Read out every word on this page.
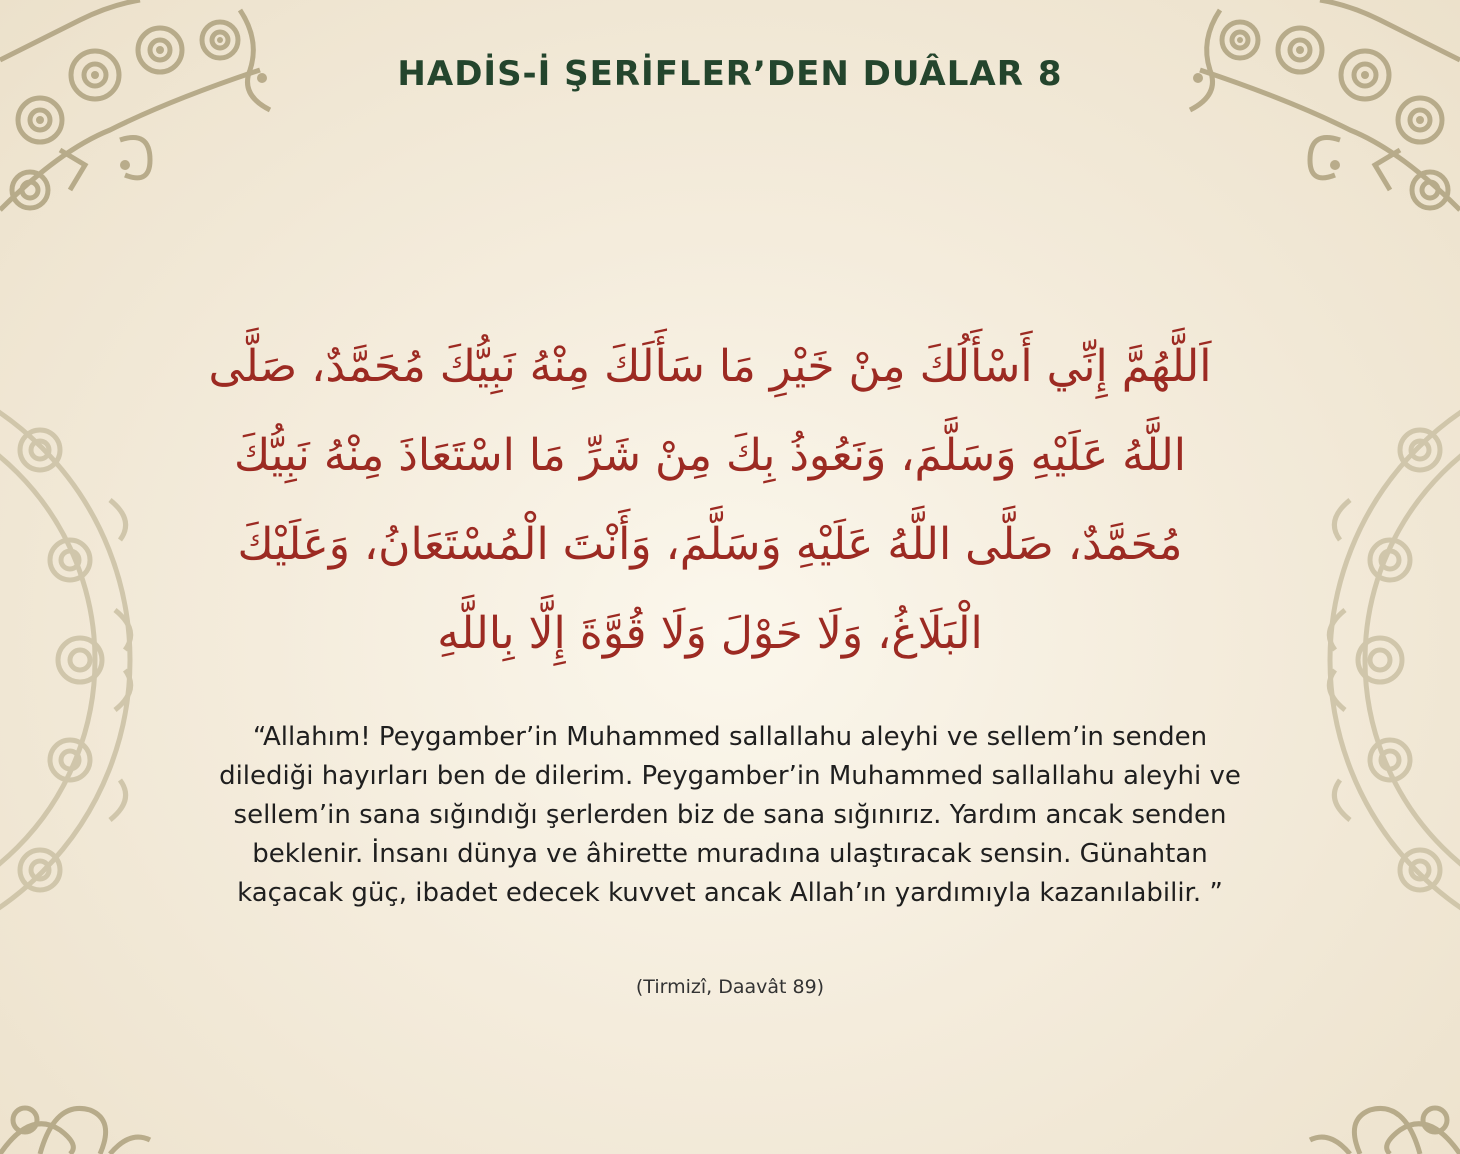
HADİS-İ ŞERİFLER’DEN DUÂLAR 8
اَللَّهُمَّ إِنِّي أَسْأَلُكَ مِنْ خَيْرِ مَا سَأَلَكَ مِنْهُ نَبِيُّكَ مُحَمَّدٌ، صَلَّى اللَّهُ عَلَيْهِ وَسَلَّمَ، وَنَعُوذُ بِكَ مِنْ شَرِّ مَا اسْتَعَاذَ مِنْهُ نَبِيُّكَ مُحَمَّدٌ، صَلَّى اللَّهُ عَلَيْهِ وَسَلَّمَ، وَأَنْتَ الْمُسْتَعَانُ، وَعَلَيْكَ الْبَلَاغُ، وَلَا حَوْلَ وَلَا قُوَّةَ إِلَّا بِاللَّهِ
“Allahım! Peygamber’in Muhammed sallallahu aleyhi ve sellem’in senden dilediği hayırları ben de dilerim. Peygamber’in Muhammed sallallahu aleyhi ve sellem’in sana sığındığı şerlerden biz de sana sığınırız. Yardım ancak senden beklenir. İnsanı dünya ve âhirette muradına ulaştıracak sensin. Günahtan kaçacak güç, ibadet edecek kuvvet ancak Allah’ın yardımıyla kazanılabilir. ”
(Tirmizî, Daavât 89)
